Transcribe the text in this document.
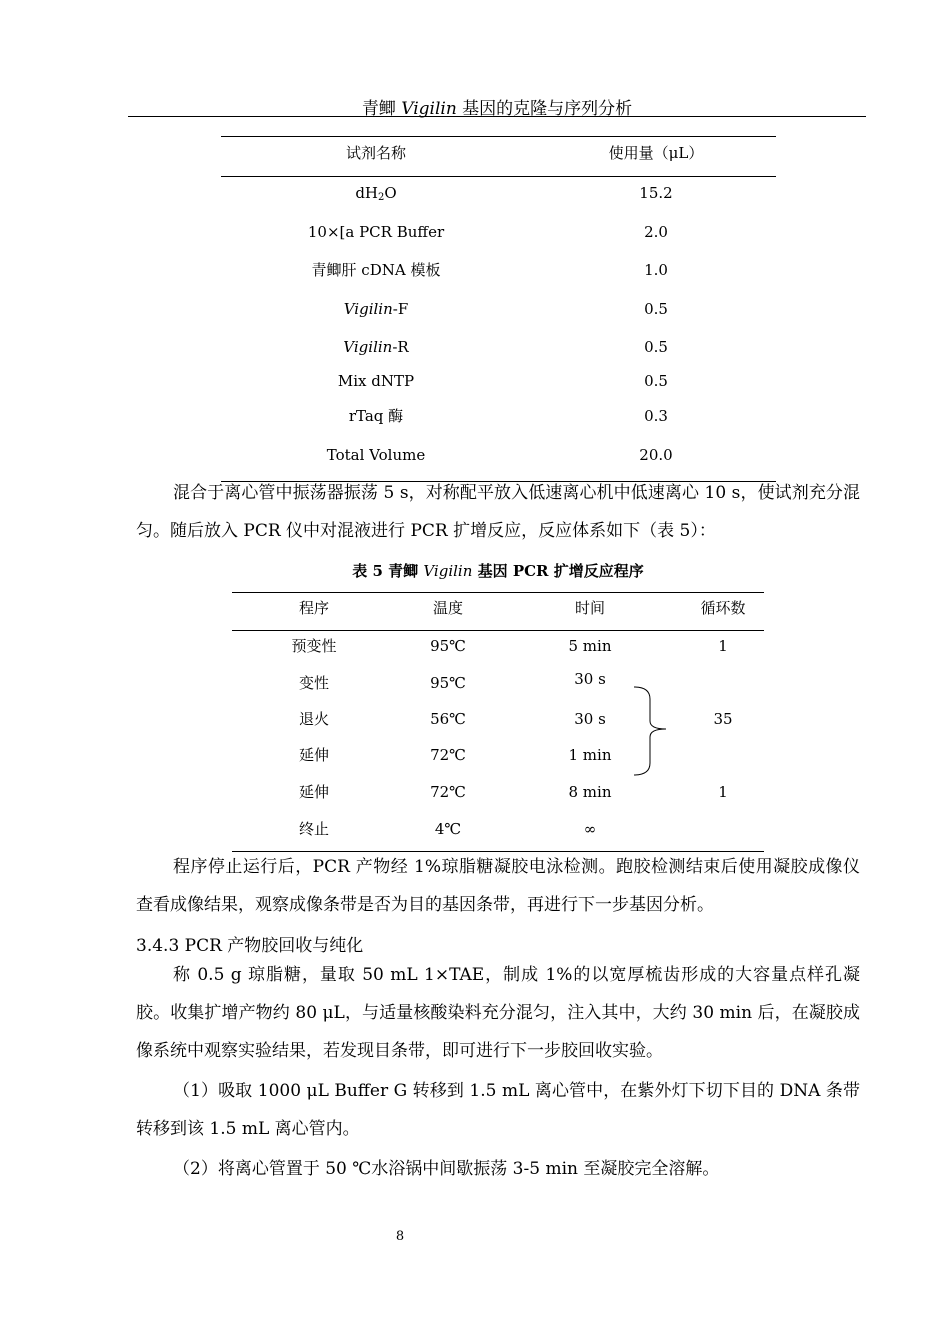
青鲫 Vigilin 基因的克隆与序列分析
试剂名称	使用量（μL）
$dH_2O$	15.2
10×[a PCR Buffer	2.0
青鲫肝 cDNA 模板	1.0
Vigilin-F	0.5
Vigilin-R	0.5
Mix dNTP	0.5
rTaq 酶	0.3
Total Volume	20.0
混合于离心管中振荡器振荡 5 s，对称配平放入低速离心机中低速离心 10 s，使试剂充分混匀。随后放入 PCR 仪中对混液进行 PCR 扩增反应，反应体系如下（表 5）：
表 5 青鲫 Vigilin 基因 PCR 扩增反应程序
程序	温度	时间	循环数
预变性	95℃	5 min	1
变性	95℃	30 s
退火	56℃	30 s	35
延伸	72℃	1 min
延伸	72℃	8 min	1
终止	4℃	∞
程序停止运行后，PCR 产物经 1%琼脂糖凝胶电泳检测。跑胶检测结束后使用凝胶成像仪查看成像结果，观察成像条带是否为目的基因条带，再进行下一步基因分析。
3.4.3 PCR 产物胶回收与纯化
称 0.5 g 琼脂糖，量取 50 mL 1×TAE，制成 1%的以宽厚梳齿形成的大容量点样孔凝胶。收集扩增产物约 80 μL，与适量核酸染料充分混匀，注入其中，大约 30 min 后，在凝胶成像系统中观察实验结果，若发现目条带，即可进行下一步胶回收实验。
（1）吸取 1000 μL Buffer G 转移到 1.5 mL 离心管中，在紫外灯下切下目的 DNA 条带转移到该 1.5 mL 离心管内。
（2）将离心管置于 50 ℃水浴锅中间歇振荡 3-5 min 至凝胶完全溶解。
8
